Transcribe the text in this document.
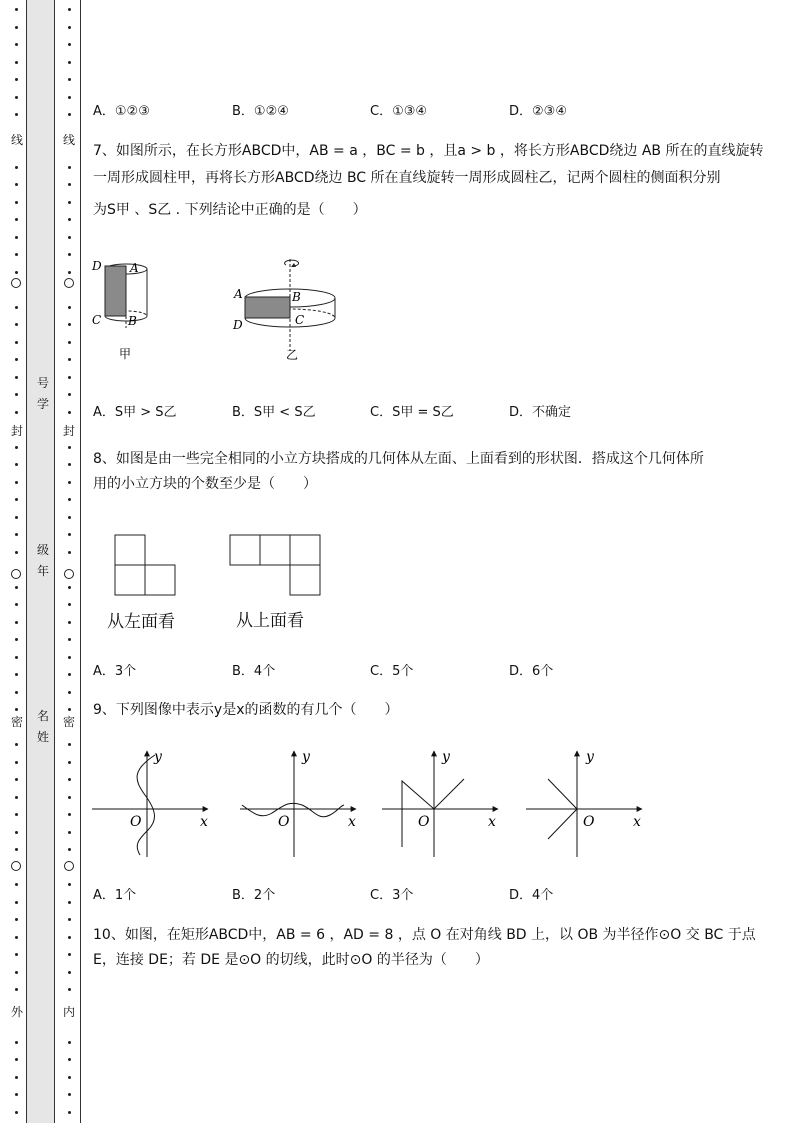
线
封
密
外
线
封
密
内
号
学
级
年
名
姓
A．①②③	B．①②④	C．①③④	D．②③④
7、如图所示，在长方形ABCD中，AB = a ，BC = b ，且a > b ，将长方形ABCD绕边 AB 所在的直线旋转
一周形成圆柱甲，再将长方形ABCD绕边 BC 所在直线旋转一周形成圆柱乙，记两个圆柱的侧面积分别
为S甲 、S乙 . 下列结论中正确的是（　　）
D A
C B
甲
A	B
D	C
乙
A．S甲 > S乙	B．S甲 < S乙	C．S甲 = S乙	D．不确定
8、如图是由一些完全相同的小立方块搭成的几何体从左面、上面看到的形状图．搭成这个几何体所
用的小立方块的个数至少是（　　）
从左面看	从上面看
A．3个	B．4个	C．5个	D．6个
9、下列图像中表示y是x的函数的有几个（　　）
y
O	x
y
O	x
y
O	x
y
O	x
A．1个	B．2个	C．3个	D．4个
10、如图，在矩形ABCD中，AB = 6 ，AD = 8 ，点 O 在对角线 BD 上，以 OB 为半径作⊙O 交 BC 于点
E，连接 DE；若 DE 是⊙O 的切线，此时⊙O 的半径为（　　）
